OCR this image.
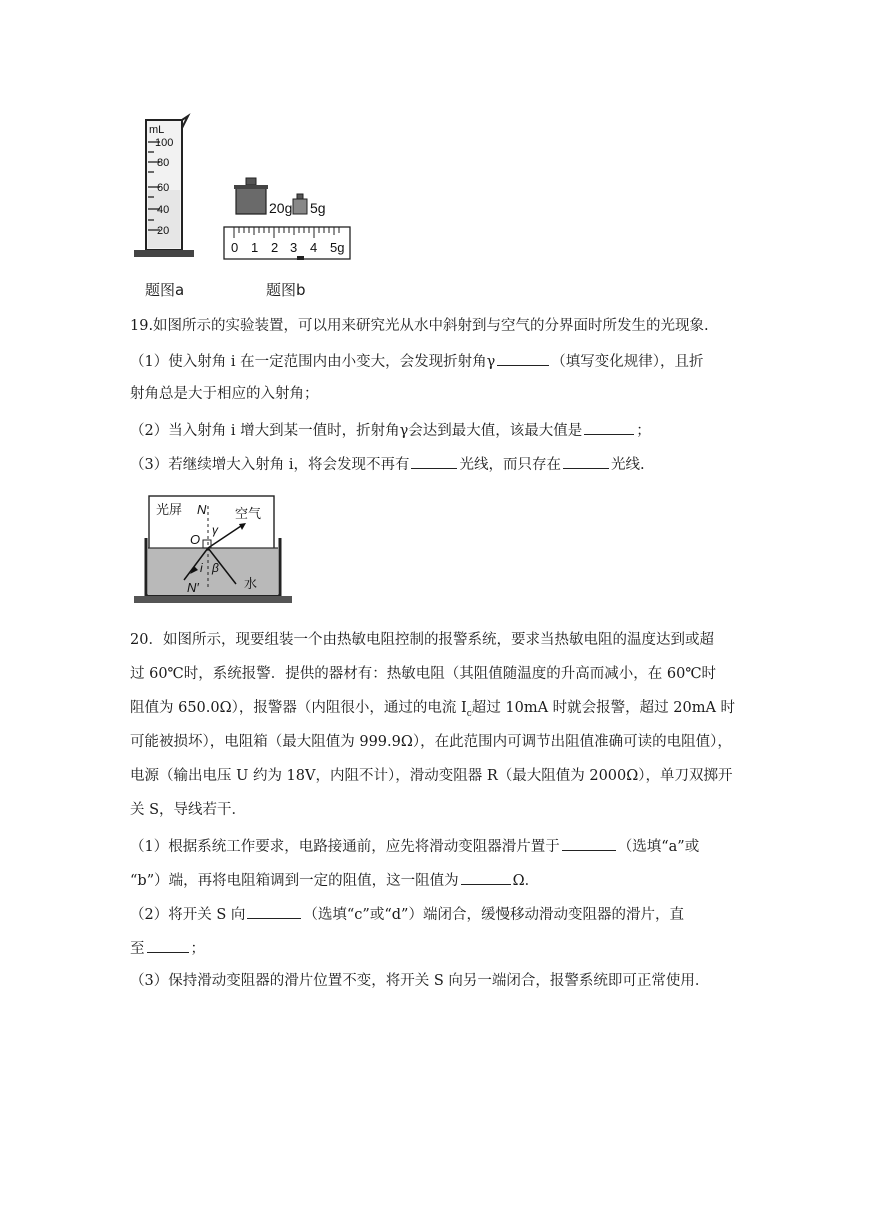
mL
100
80
60
40
20
题图a
20g 5g
0 1 2 3 4 5g
题图b
19.如图所示的实验装置，可以用来研究光从水中斜射到与空气的分界面时所发生的光现象.
（1）使入射角 i 在一定范围内由小变大，会发现折射角γ	（填写变化规律），且折
射角总是大于相应的入射角；
（2）当入射角 i 增大到某一值时，折射角γ会达到最大值，该最大值是	；
（3）若继续增大入射角 i，将会发现不再有	光线，而只存在	光线.
光屏	空气
水
N
N′
O
γ
i β
20．如图所示，现要组装一个由热敏电阻控制的报警系统，要求当热敏电阻的温度达到或超
过 60℃时，系统报警．提供的器材有：热敏电阻（其阻值随温度的升高而减小，在 60℃时
阻值为 650.0Ω），报警器（内阻很小，通过的电流 $I_c$超过 10mA 时就会报警，超过 20mA 时
可能被损坏），电阻箱（最大阻值为 999.9Ω），在此范围内可调节出阻值准确可读的电阻值），
电源（输出电压 U 约为 18V，内阻不计），滑动变阻器 R（最大阻值为 2000Ω），单刀双掷开
关 S，导线若干．
（1）根据系统工作要求，电路接通前，应先将滑动变阻器滑片置于	（选填“a”或
“b”）端，再将电阻箱调到一定的阻值，这一阻值为	Ω．
（2）将开关 S 向	（选填“c”或“d”）端闭合，缓慢移动滑动变阻器的滑片，直
至	；
（3）保持滑动变阻器的滑片位置不变，将开关 S 向另一端闭合，报警系统即可正常使用．
